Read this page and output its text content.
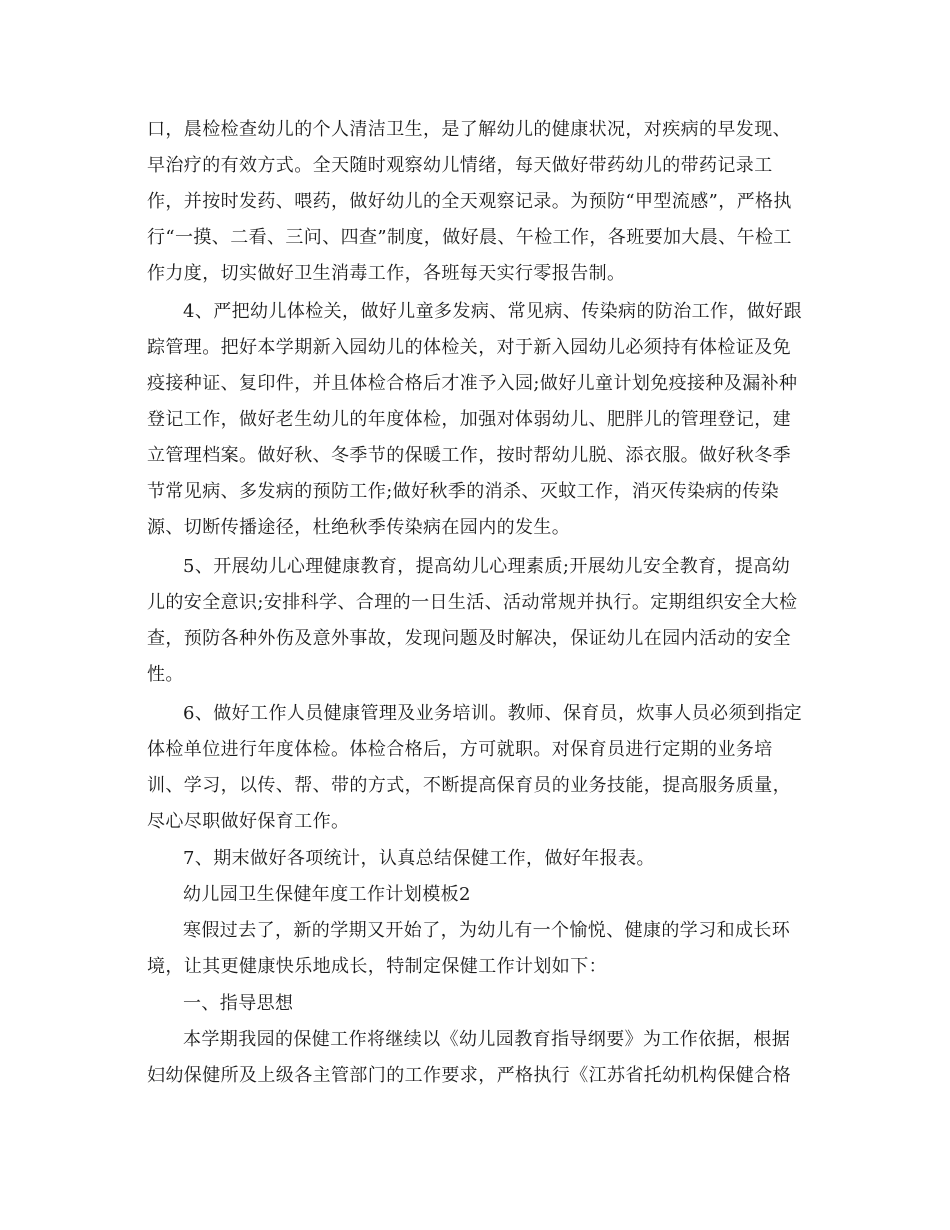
口，晨检检查幼儿的个人清洁卫生，是了解幼儿的健康状况，对疾病的早发现、
早治疗的有效方式。全天随时观察幼儿情绪，每天做好带药幼儿的带药记录工
作，并按时发药、喂药，做好幼儿的全天观察记录。为预防“甲型流感”，严格执
行“一摸、二看、三问、四查”制度，做好晨、午检工作，各班要加大晨、午检工
作力度，切实做好卫生消毒工作，各班每天实行零报告制。
4、严把幼儿体检关，做好儿童多发病、常见病、传染病的防治工作，做好跟
踪管理。把好本学期新入园幼儿的体检关，对于新入园幼儿必须持有体检证及免
疫接种证、复印件，并且体检合格后才准予入园;做好儿童计划免疫接种及漏补种
登记工作，做好老生幼儿的年度体检，加强对体弱幼儿、肥胖儿的管理登记，建
立管理档案。做好秋、冬季节的保暖工作，按时帮幼儿脱、添衣服。做好秋冬季
节常见病、多发病的预防工作;做好秋季的消杀、灭蚊工作，消灭传染病的传染
源、切断传播途径，杜绝秋季传染病在园内的发生。
5、开展幼儿心理健康教育，提高幼儿心理素质;开展幼儿安全教育，提高幼
儿的安全意识;安排科学、合理的一日生活、活动常规并执行。定期组织安全大检
查，预防各种外伤及意外事故，发现问题及时解决，保证幼儿在园内活动的安全
性。
6、做好工作人员健康管理及业务培训。教师、保育员，炊事人员必须到指定
体检单位进行年度体检。体检合格后，方可就职。对保育员进行定期的业务培
训、学习，以传、帮、带的方式，不断提高保育员的业务技能，提高服务质量，
尽心尽职做好保育工作。
7、期末做好各项统计，认真总结保健工作，做好年报表。
幼儿园卫生保健年度工作计划模板2
寒假过去了，新的学期又开始了，为幼儿有一个愉悦、健康的学习和成长环
境，让其更健康快乐地成长，特制定保健工作计划如下：
一、指导思想
本学期我园的保健工作将继续以《幼儿园教育指导纲要》为工作依据，根据
妇幼保健所及上级各主管部门的工作要求，严格执行《江苏省托幼机构保健合格
